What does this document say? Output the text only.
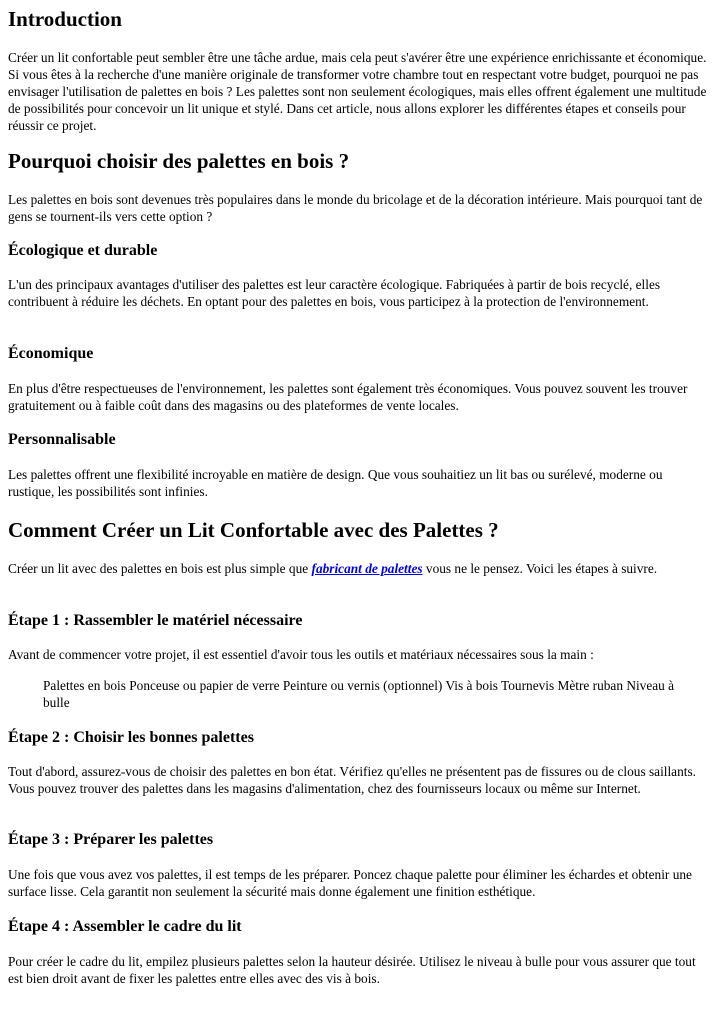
Introduction

Créer un lit confortable peut sembler être une tâche ardue, mais cela peut s'avérer être une expérience enrichissante et économique. Si vous êtes à la recherche d'une manière originale de transformer votre chambre tout en respectant votre budget, pourquoi ne pas envisager l'utilisation de palettes en bois ? Les palettes sont non seulement écologiques, mais elles offrent également une multitude de possibilités pour concevoir un lit unique et stylé. Dans cet article, nous allons explorer les différentes étapes et conseils pour réussir ce projet.

Pourquoi choisir des palettes en bois ?

Les palettes en bois sont devenues très populaires dans le monde du bricolage et de la décoration intérieure. Mais pourquoi tant de gens se tournent-ils vers cette option ?

Écologique et durable

L'un des principaux avantages d'utiliser des palettes est leur caractère écologique. Fabriquées à partir de bois recyclé, elles contribuent à réduire les déchets. En optant pour des palettes en bois, vous participez à la protection de l'environnement.

Économique

En plus d'être respectueuses de l'environnement, les palettes sont également très économiques. Vous pouvez souvent les trouver gratuitement ou à faible coût dans des magasins ou des plateformes de vente locales.

Personnalisable

Les palettes offrent une flexibilité incroyable en matière de design. Que vous souhaitiez un lit bas ou surélevé, moderne ou rustique, les possibilités sont infinies.

Comment Créer un Lit Confortable avec des Palettes ?

Créer un lit avec des palettes en bois est plus simple que fabricant de palettes vous ne le pensez. Voici les étapes à suivre.

Étape 1 : Rassembler le matériel nécessaire

Avant de commencer votre projet, il est essentiel d'avoir tous les outils et matériaux nécessaires sous la main :

Palettes en bois Ponceuse ou papier de verre Peinture ou vernis (optionnel) Vis à bois Tournevis Mètre ruban Niveau à bulle

Étape 2 : Choisir les bonnes palettes

Tout d'abord, assurez-vous de choisir des palettes en bon état. Vérifiez qu'elles ne présentent pas de fissures ou de clous saillants. Vous pouvez trouver des palettes dans les magasins d'alimentation, chez des fournisseurs locaux ou même sur Internet.

Étape 3 : Préparer les palettes

Une fois que vous avez vos palettes, il est temps de les préparer. Poncez chaque palette pour éliminer les échardes et obtenir une surface lisse. Cela garantit non seulement la sécurité mais donne également une finition esthétique.

Étape 4 : Assembler le cadre du lit

Pour créer le cadre du lit, empilez plusieurs palettes selon la hauteur désirée. Utilisez le niveau à bulle pour vous assurer que tout est bien droit avant de fixer les palettes entre elles avec des vis à bois.
